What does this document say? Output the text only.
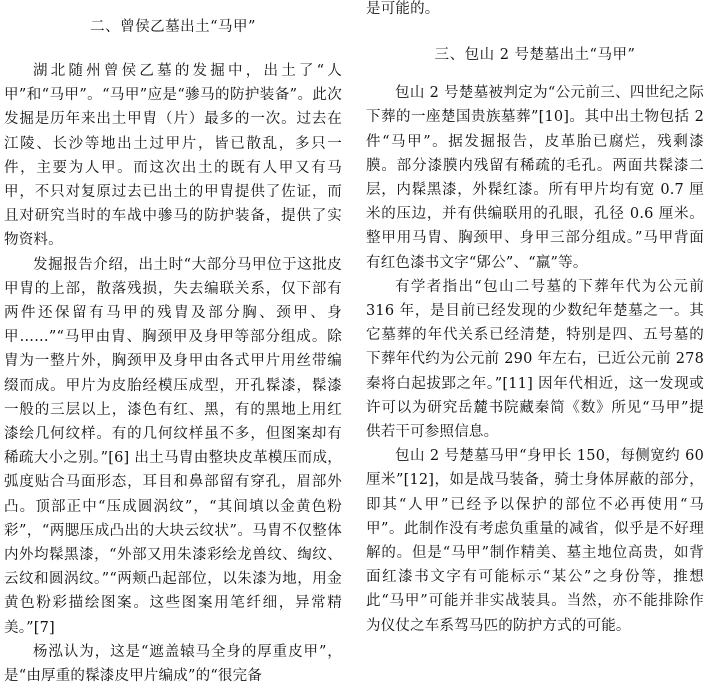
二、曾侯乙墓出土“马甲”

湖北随州曾侯乙墓的发掘中，出土了“人甲”和“马甲”。“马甲”应是“骖马的防护装备”。此次发掘是历年来出土甲胄（片）最多的一次。过去在江陵、长沙等地出土过甲片，皆已散乱，多只一件，主要为人甲。而这次出土的既有人甲又有马甲，不只对复原过去已出土的甲胄提供了佐证，而且对研究当时的车战中骖马的防护装备，提供了实物资料。

发掘报告介绍，出土时“大部分马甲位于这批皮甲胄的上部，散落残损，失去编联关系，仅下部有两件还保留有马甲的残胄及部分胸、颈甲、身甲……”“马甲由胄、胸颈甲及身甲等部分组成。除胄为一整片外，胸颈甲及身甲由各式甲片用丝带编缀而成。甲片为皮胎经模压成型，开孔髹漆，髹漆一般的三层以上，漆色有红、黑，有的黑地上用红漆绘几何纹样。有的几何纹样虽不多，但图案却有稀疏大小之别。”[6] 出土马胄由整块皮革模压而成，弧度贴合马面形态，耳目和鼻部留有穿孔，眉部外凸。顶部正中“压成圆涡纹”，“其间填以金黄色粉彩”，“两腮压成凸出的大块云纹状”。马胄不仅整体内外均髹黑漆，“外部又用朱漆彩绘龙兽纹、绹纹、云纹和圆涡纹。”“两颊凸起部位，以朱漆为地，用金黄色粉彩描绘图案。这些图案用笔纤细，异常精美。”[7]

杨泓认为，这是“遮盖辕马全身的厚重皮甲”，是“由厚重的髹漆皮甲片编成”的“很完备

是可能的。

三、包山 2 号楚墓出土“马甲”

包山 2 号楚墓被判定为“公元前三、四世纪之际下葬的一座楚国贵族墓葬”[10]。其中出土物包括 2 件“马甲”。据发掘报告，皮革胎已腐烂，残剩漆膜。部分漆膜内残留有稀疏的毛孔。两面共髹漆二层，内髹黑漆，外髹红漆。所有甲片均有宽 0.7 厘米的压边，并有供编联用的孔眼，孔径 0.6 厘米。整甲用马胄、胸颈甲、身甲三部分组成。”马甲背面有红色漆书文字“郳公”、“羸”等。

有学者指出“包山二号墓的下葬年代为公元前 316 年，是目前已经发现的少数纪年楚墓之一。其它墓葬的年代关系已经清楚，特别是四、五号墓的下葬年代约为公元前 290 年左右，已近公元前 278 秦将白起拔郢之年。”[11] 因年代相近，这一发现或许可以为研究岳麓书院藏秦简《数》所见“马甲”提供若干可参照信息。

包山 2 号楚墓马甲“身甲长 150，每侧宽约 60 厘米”[12]，如是战马装备，骑士身体屏蔽的部分，即其“人甲”已经予以保护的部位不必再使用“马甲”。此制作没有考虑负重量的减省，似乎是不好理解的。但是“马甲”制作精美、墓主地位高贵，如背面红漆书文字有可能标示“某公”之身份等，推想此“马甲”可能并非实战装具。当然，亦不能排除作为仪仗之车系驾马匹的防护方式的可能。
